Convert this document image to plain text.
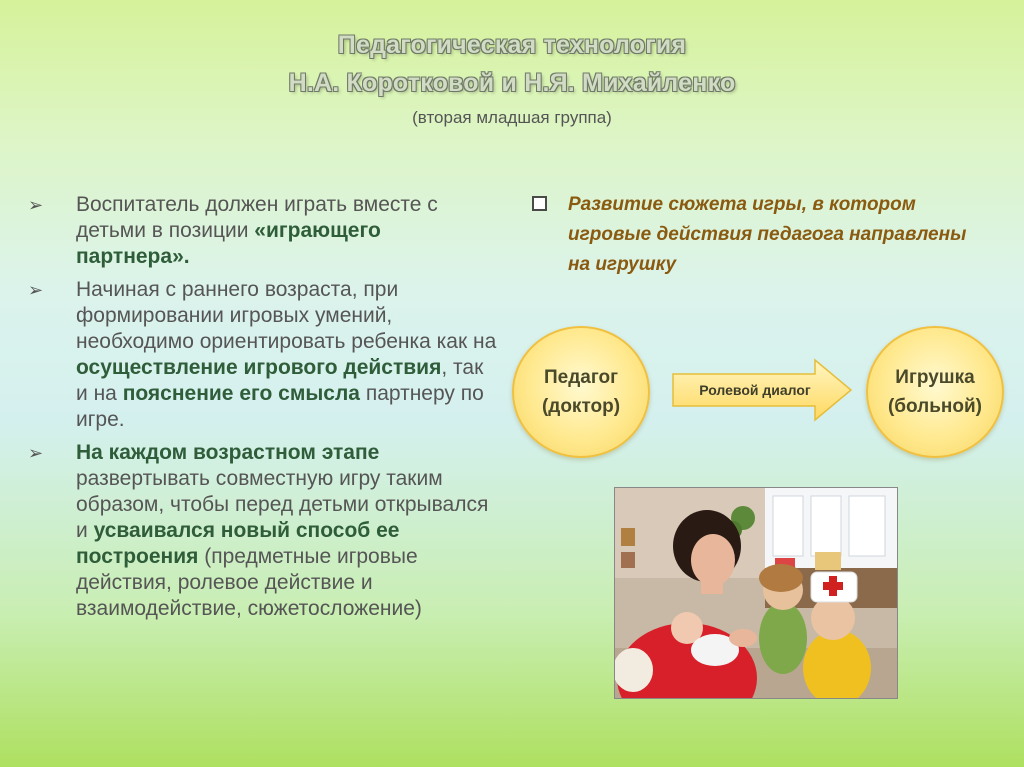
Педагогическая технология
Н.А. Коротковой и Н.Я. Михайленко
(вторая младшая группа)
➢ Воспитатель должен играть вместе с детьми в позиции «играющего партнера».
➢ Начиная с раннего возраста, при формировании игровых умений, необходимо ориентировать ребенка как на осуществление игрового действия, так и на пояснение его смысла партнеру по игре.
➢ На каждом возрастном этапе развертывать совместную игру таким образом, чтобы перед детьми открывался и усваивался новый способ ее построения (предметные игровые действия, ролевое действие и взаимодействие, сюжетосложение)
Развитие сюжета игры, в котором игровые действия педагога направлены на игрушку
Педагог
(доктор)
Ролевой диалог
Игрушка
(больной)
